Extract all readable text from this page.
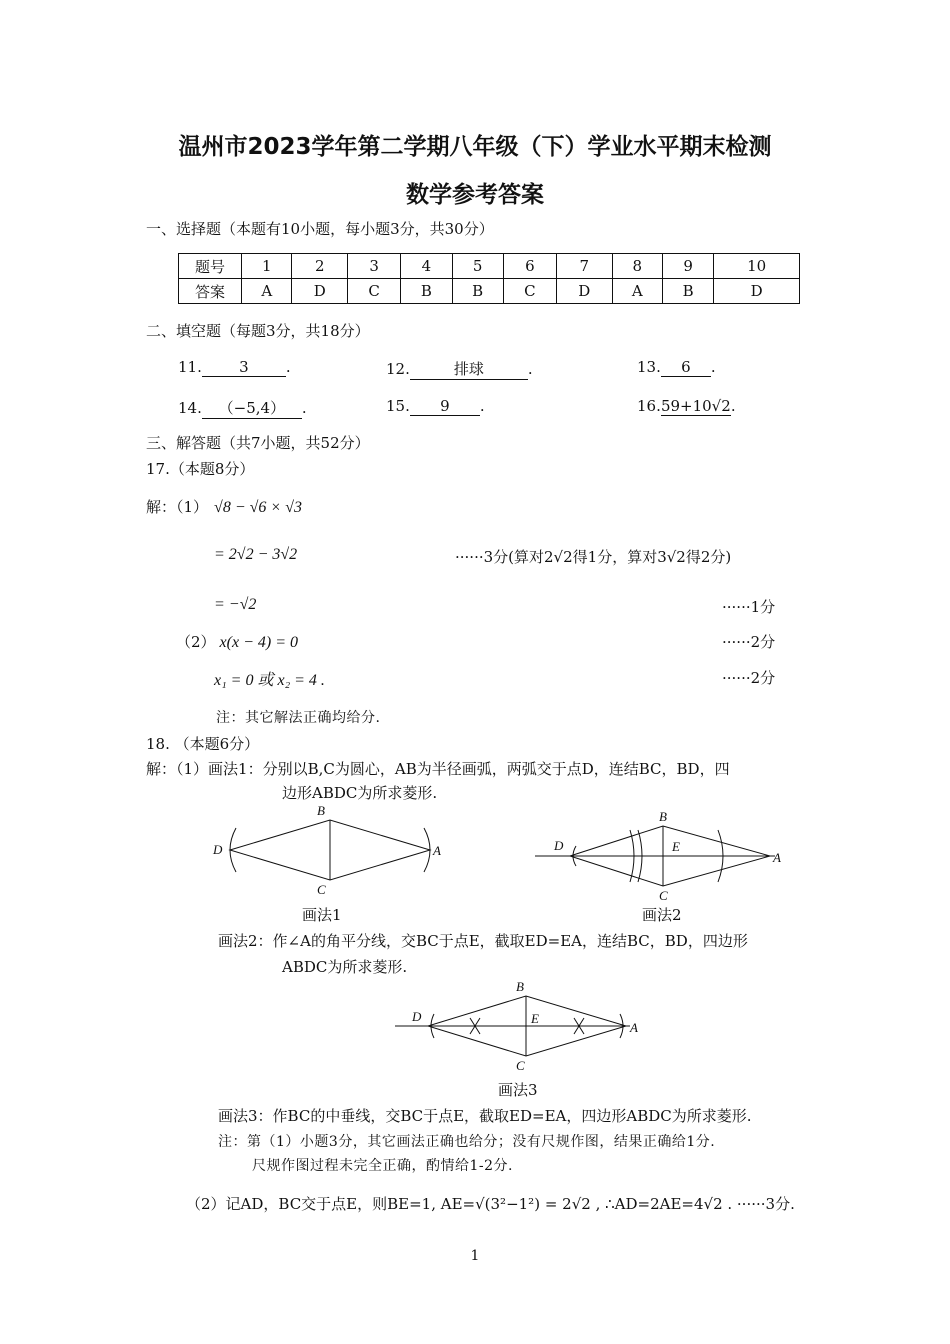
温州市2023学年第二学期八年级（下）学业水平期末检测
数学参考答案
一、选择题（本题有10小题，每小题3分，共30分）
题号	1	2	3	4	5	6	7	8	9	10
答案	A	D	C	B	B	C	D	A	B	D
二、填空题（每题3分，共18分）
11. 3 .	12.	排球	.	13. 6 .
14. （−5,4） .	15. 9 .	16.59+10√2.
三、解答题（共7小题，共52分）
17.（本题8分）
解：（1） √8 − √6 × √3
= 2√2 − 3√2	······3分(算对2√2得1分，算对3√2得2分)
= −√2	······1分
（2） x(x − 4) = 0	······2分
x₁ = 0 或 x₂ = 4 .	······2分
注：其它解法正确均给分.
18. （本题6分）
解：（1）画法1：分别以B,C为圆心，AB为半径画弧，两弧交于点D，连结BC，BD，四
边形ABDC为所求菱形.
D	A
B
C
画法1
D
A
B
C
E
画法2
画法2：作∠A的角平分线，交BC于点E，截取ED=EA，连结BC，BD，四边形
ABDC为所求菱形.
D
A
B
C
E
画法3
画法3：作BC的中垂线，交BC于点E，截取ED=EA，四边形ABDC为所求菱形.
注：第（1）小题3分，其它画法正确也给分；没有尺规作图，结果正确给1分.
尺规作图过程未完全正确，酌情给1-2分.
（2）记AD，BC交于点E，则BE=1, AE=√(3²−1²) = 2√2 , ∴AD=2AE=4√2 . ······3分.
1
